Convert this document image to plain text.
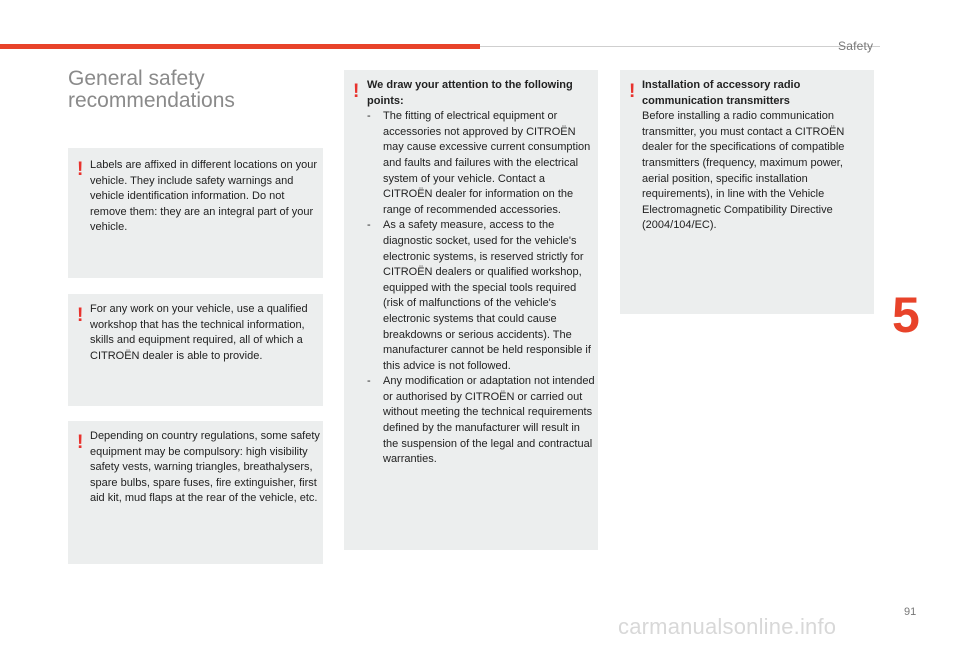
Safety
5
General safety
recommendations
! Labels are affixed in different locations on your vehicle. They include safety warnings and vehicle identification information. Do not remove them: they are an integral part of your vehicle.

! For any work on your vehicle, use a qualified workshop that has the technical information, skills and equipment required, all of which a CITROËN dealer is able to provide.

! Depending on country regulations, some safety equipment may be compulsory: high visibility safety vests, warning triangles, breathalysers, spare bulbs, spare fuses, fire extinguisher, first aid kit, mud flaps at the rear of the vehicle, etc.

! We draw your attention to the following points:

- The fitting of electrical equipment or accessories not approved by CITROËN may cause excessive current consumption and faults and failures with the electrical system of your vehicle. Contact a CITROËN dealer for information on the range of recommended accessories.

- As a safety measure, access to the diagnostic socket, used for the vehicle's electronic systems, is reserved strictly for CITROËN dealers or qualified workshop, equipped with the special tools required (risk of malfunctions of the vehicle's electronic systems that could cause breakdowns or serious accidents). The manufacturer cannot be held responsible if this advice is not followed.

- Any modification or adaptation not intended or authorised by CITROËN or carried out without meeting the technical requirements defined by the manufacturer will result in the suspension of the legal and contractual warranties.

! Installation of accessory radio communication transmitters

Before installing a radio communication transmitter, you must contact a CITROËN dealer for the specifications of compatible transmitters (frequency, maximum power, aerial position, specific installation requirements), in line with the Vehicle Electromagnetic Compatibility Directive (2004/104/EC).

91
carmanualsonline.info
